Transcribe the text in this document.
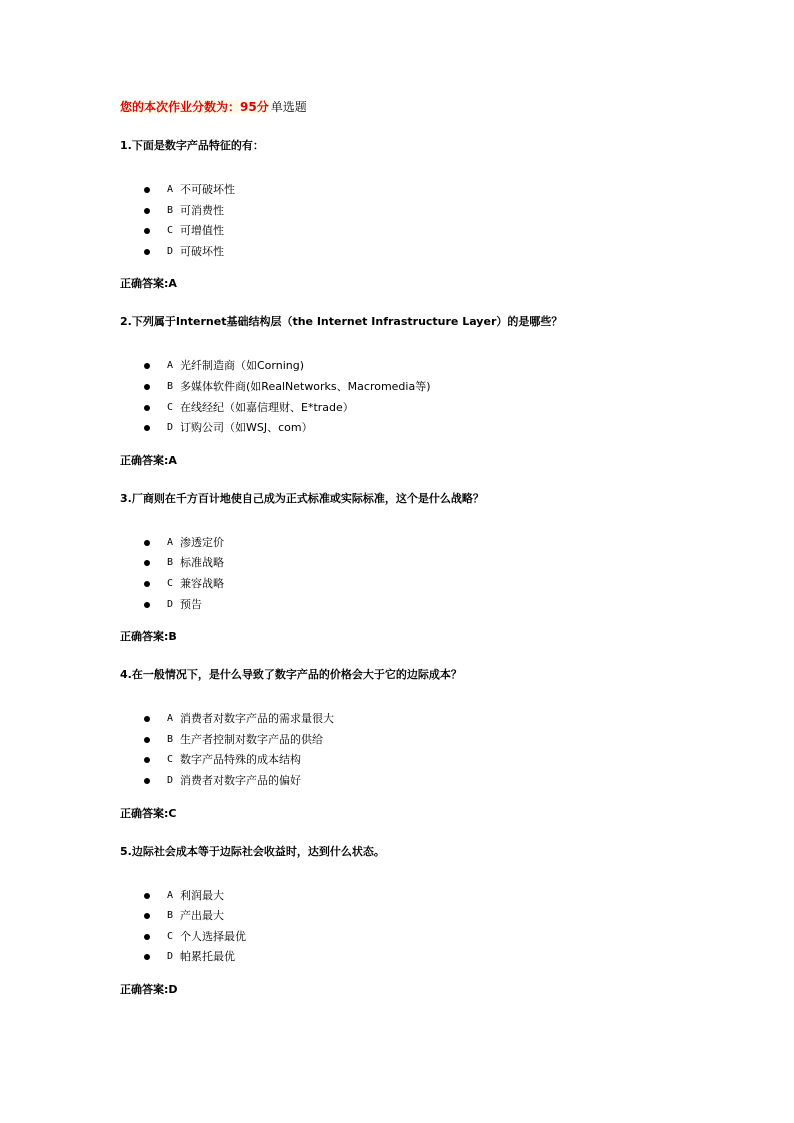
您的本次作业分数为：95分 单选题
1.下面是数字产品特征的有：
A 不可破坏性
B 可消费性
C 可增值性
D 可破坏性
正确答案:A
2.下列属于Internet基础结构层（the Internet Infrastructure Layer）的是哪些？
A 光纤制造商（如Corning)
B 多媒体软件商(如RealNetworks、Macromedia等)
C 在线经纪（如嘉信理财、E*trade）
D 订购公司（如WSJ、com）
正确答案:A
3.厂商则在千方百计地使自己成为正式标准或实际标准，这个是什么战略？
A 渗透定价
B 标准战略
C 兼容战略
D 预告
正确答案:B
4.在一般情况下，是什么导致了数字产品的价格会大于它的边际成本？
A 消费者对数字产品的需求量很大
B 生产者控制对数字产品的供给
C 数字产品特殊的成本结构
D 消费者对数字产品的偏好
正确答案:C
5.边际社会成本等于边际社会收益时，达到什么状态。
A 利润最大
B 产出最大
C 个人选择最优
D 帕累托最优
正确答案:D
